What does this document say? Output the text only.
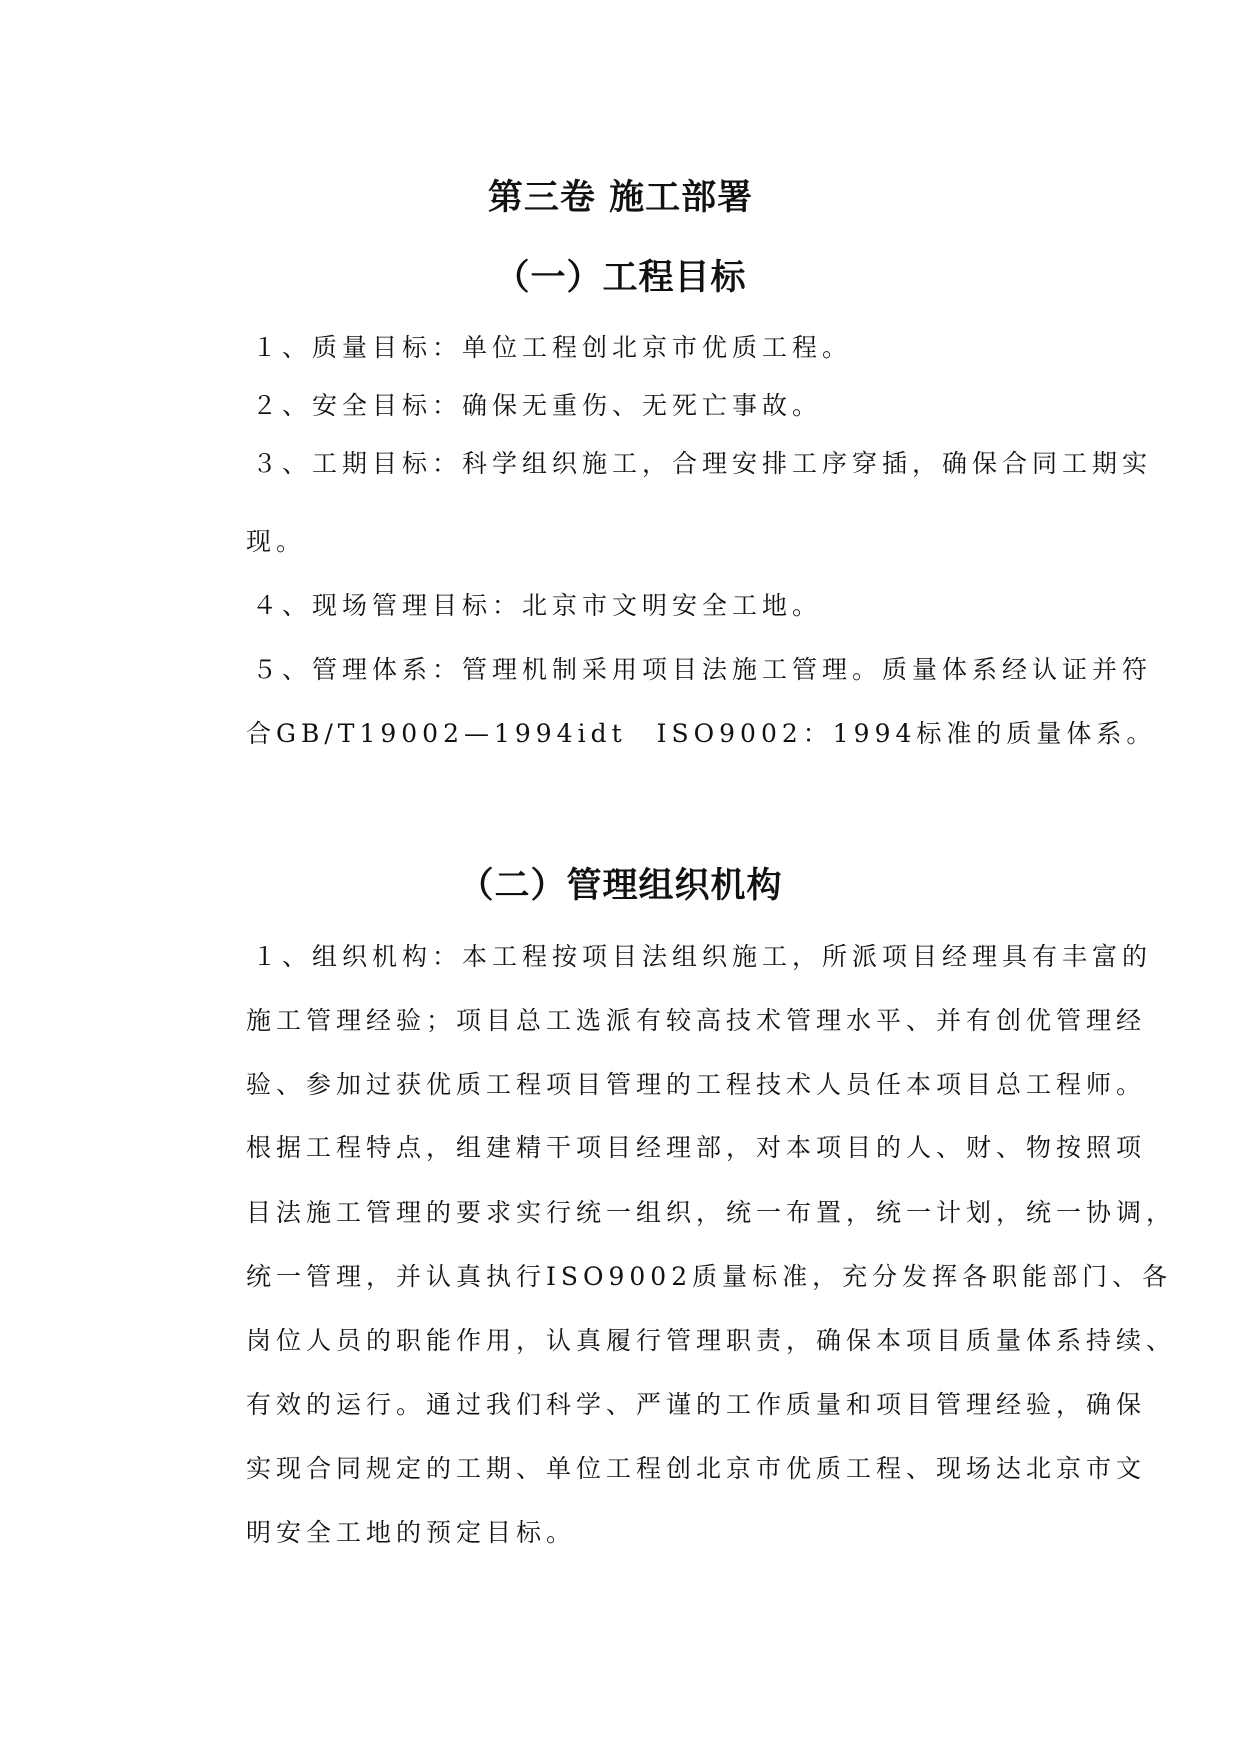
第三卷 施工部署
（一）工程目标
１、质量目标：单位工程创北京市优质工程。
２、安全目标：确保无重伤、无死亡事故。
３、工期目标：科学组织施工，合理安排工序穿插，确保合同工期实
现。
４、现场管理目标：北京市文明安全工地。
５、管理体系：管理机制采用项目法施工管理。质量体系经认证并符
合GB/T19002—1994idt　ISO9002：1994标准的质量体系。
（二）管理组织机构
１、组织机构：本工程按项目法组织施工，所派项目经理具有丰富的
施工管理经验；项目总工选派有较高技术管理水平、并有创优管理经
验、参加过获优质工程项目管理的工程技术人员任本项目总工程师。
根据工程特点，组建精干项目经理部，对本项目的人、财、物按照项
目法施工管理的要求实行统一组织，统一布置，统一计划，统一协调，
统一管理，并认真执行ISO9002质量标准，充分发挥各职能部门、各
岗位人员的职能作用，认真履行管理职责，确保本项目质量体系持续、
有效的运行。通过我们科学、严谨的工作质量和项目管理经验，确保
实现合同规定的工期、单位工程创北京市优质工程、现场达北京市文
明安全工地的预定目标。
